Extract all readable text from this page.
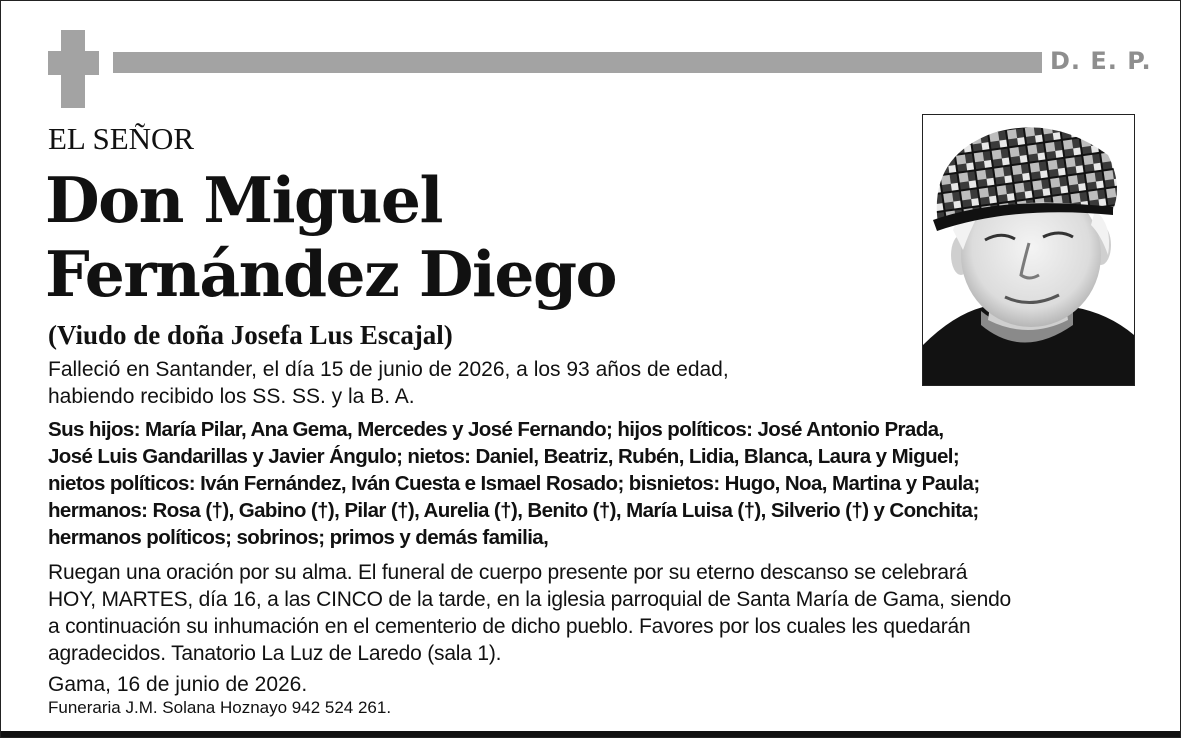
D. E. P.
EL SEÑOR
Don Miguel
Fernández Diego
(Viudo de doña Josefa Lus Escajal)
Falleció en Santander, el día 15 de junio de 2026, a los 93 años de edad,
habiendo recibido los SS. SS. y la B. A.
Sus hijos: María Pilar, Ana Gema, Mercedes y José Fernando; hijos políticos: José Antonio Prada,
José Luis Gandarillas y Javier Ángulo; nietos: Daniel, Beatriz, Rubén, Lidia, Blanca, Laura y Miguel;
nietos políticos: Iván Fernández, Iván Cuesta e Ismael Rosado; bisnietos: Hugo, Noa, Martina y Paula;
hermanos: Rosa (†), Gabino (†), Pilar (†), Aurelia (†), Benito (†), María Luisa (†), Silverio (†) y Conchita;
hermanos políticos; sobrinos; primos y demás familia,
Ruegan una oración por su alma. El funeral de cuerpo presente por su eterno descanso se celebrará
HOY, MARTES, día 16, a las CINCO de la tarde, en la iglesia parroquial de Santa María de Gama, siendo
a continuación su inhumación en el cementerio de dicho pueblo. Favores por los cuales les quedarán
agradecidos. Tanatorio La Luz de Laredo (sala 1).
Gama, 16 de junio de 2026.
Funeraria J.M. Solana Hoznayo 942 524 261.
